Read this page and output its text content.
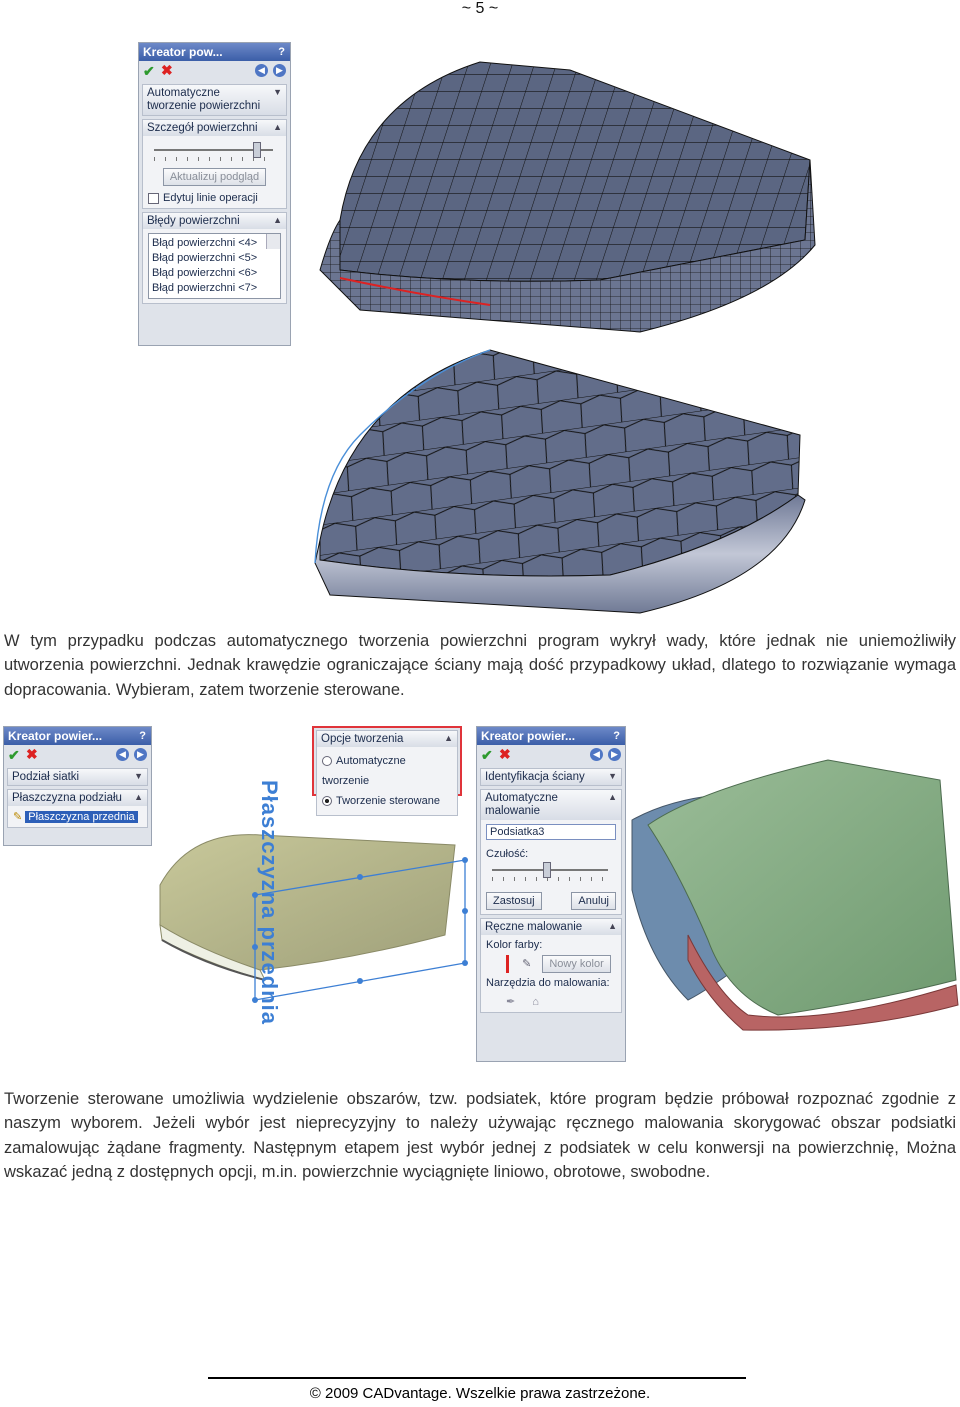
~ 5 ~
Kreator pow...	?
✔ ✖	◀	▶
Automatyczne tworzenie powierzchni
▼
Szczegół powierzchni ▲
Aktualizuj podgląd
Edytuj linie operacji
Błędy powierzchni	▲
Błąd powierzchni <4>
Błąd powierzchni <5>
Błąd powierzchni <6>
Błąd powierzchni <7>
W tym przypadku podczas automatycznego tworzenia powierzchni program wykrył wady, które jednak nie uniemożliwiły utworzenia powierzchni. Jednak krawędzie ograniczające ściany mają dość przypadkowy układ, dlatego to rozwiązanie wymaga dopracowania. Wybieram, zatem tworzenie sterowane.
Kreator powier...	?
✔ ✖	◀	▶
Podział siatki	▼
Płaszczyzna podziału ▲
✎ Płaszczyzna przednia
Opcje tworzenia	▲
Automatyczne tworzenie
Tworzenie sterowane
Płaszczyzna przednia
Kreator powier...	?
✔ ✖	◀	▶
Identyfikacja ściany	▼
Automatyczne malowanie
▲
Podsiatka3
Czułość:
Zastosuj	Anuluj
Ręczne malowanie	▲
Kolor farby:
✎ Nowy kolor
Narzędzia do malowania:
✒ ⌂
Tworzenie sterowane umożliwia wydzielenie obszarów, tzw. podsiatek, które program będzie próbował rozpoznać zgodnie z naszym wyborem. Jeżeli wybór jest nieprecyzyjny to należy używając ręcznego malowania skorygować obszar podsiatki zamalowując żądane fragmenty. Następnym etapem jest wybór jednej z podsiatek w celu konwersji na powierzchnię, Można wskazać jedną z dostępnych opcji, m.in. powierzchnie wyciągnięte liniowo, obrotowe, swobodne.
© 2009 CADvantage. Wszelkie prawa zastrzeżone.
